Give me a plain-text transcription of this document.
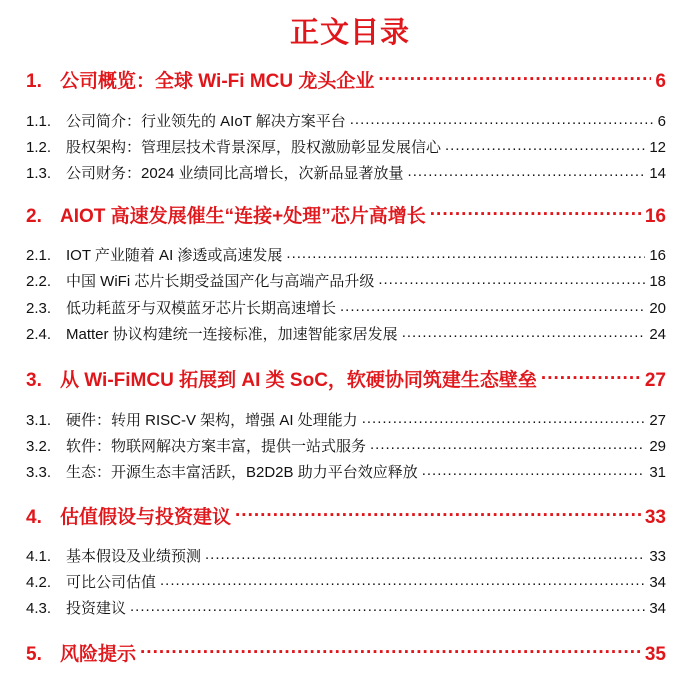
正文目录
1. 公司概览：全球 Wi-Fi MCU 龙头企业 .....	6
1.1. 公司简介：行业领先的 AIoT 解决方案平台 .....	6
1.2. 股权架构：管理层技术背景深厚，股权激励彰显发展信心 .....	12
1.3. 公司财务：2024 业绩同比高增长，次新品显著放量 .....	14
2. AIOT 高速发展催生“连接+处理”芯片高增长 .....	16
2.1. IOT 产业随着 AI 渗透或高速发展 .....	16
2.2. 中国 WiFi 芯片长期受益国产化与高端产品升级 .....	18
2.3. 低功耗蓝牙与双模蓝牙芯片长期高速增长 .....	20
2.4. Matter 协议构建统一连接标准，加速智能家居发展 .....	24
3. 从 Wi-FiMCU 拓展到 AI 类 SoC，软硬协同筑建生态壁垒 .....	27
3.1. 硬件：转用 RISC-V 架构，增强 AI 处理能力 .....	27
3.2. 软件：物联网解决方案丰富，提供一站式服务 .....	29
3.3. 生态：开源生态丰富活跃，B2D2B 助力平台效应释放 .....	31
4. 估值假设与投资建议 .....	33
4.1. 基本假设及业绩预测 .....	33
4.2. 可比公司估值 .....	34
4.3. 投资建议 .....	34
5. 风险提示 .....	35
